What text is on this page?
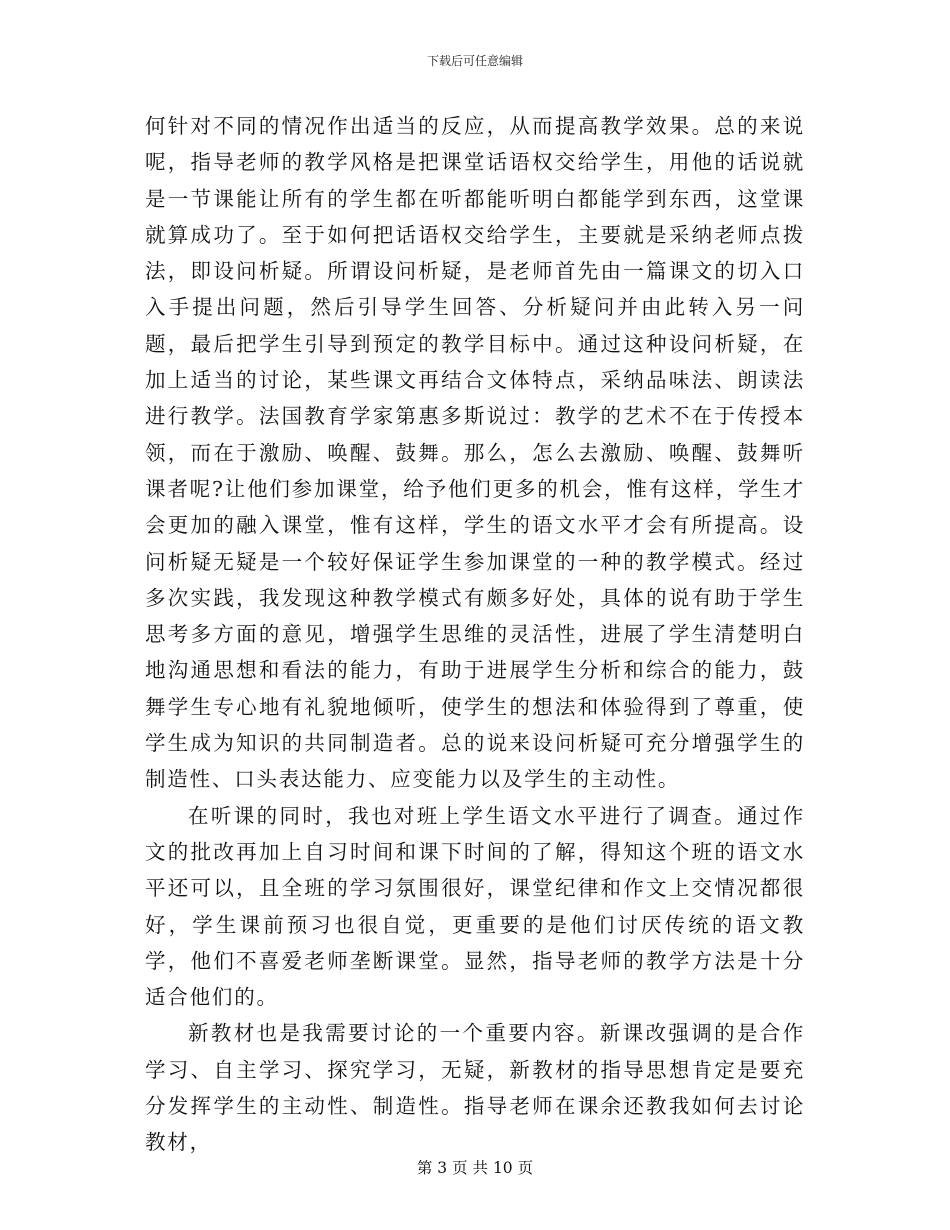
下载后可任意编辑

何针对不同的情况作出适当的反应，从而提高教学效果。总的来说呢，指导老师的教学风格是把课堂话语权交给学生，用他的话说就是一节课能让所有的学生都在听都能听明白都能学到东西，这堂课就算成功了。至于如何把话语权交给学生，主要就是采纳老师点拨法，即设问析疑。所谓设问析疑，是老师首先由一篇课文的切入口入手提出问题，然后引导学生回答、分析疑问并由此转入另一问题，最后把学生引导到预定的教学目标中。通过这种设问析疑，在加上适当的讨论，某些课文再结合文体特点，采纳品味法、朗读法进行教学。法国教育学家第惠多斯说过：教学的艺术不在于传授本领，而在于激励、唤醒、鼓舞。那么，怎么去激励、唤醒、鼓舞听课者呢?让他们参加课堂，给予他们更多的机会，惟有这样，学生才会更加的融入课堂，惟有这样，学生的语文水平才会有所提高。设问析疑无疑是一个较好保证学生参加课堂的一种的教学模式。经过多次实践，我发现这种教学模式有颇多好处，具体的说有助于学生思考多方面的意见，增强学生思维的灵活性，进展了学生清楚明白地沟通思想和看法的能力，有助于进展学生分析和综合的能力，鼓舞学生专心地有礼貌地倾听，使学生的想法和体验得到了尊重，使学生成为知识的共同制造者。总的说来设问析疑可充分增强学生的制造性、口头表达能力、应变能力以及学生的主动性。

在听课的同时，我也对班上学生语文水平进行了调查。通过作文的批改再加上自习时间和课下时间的了解，得知这个班的语文水平还可以，且全班的学习氛围很好，课堂纪律和作文上交情况都很好，学生课前预习也很自觉，更重要的是他们讨厌传统的语文教学，他们不喜爱老师垄断课堂。显然，指导老师的教学方法是十分适合他们的。

新教材也是我需要讨论的一个重要内容。新课改强调的是合作学习、自主学习、探究学习，无疑，新教材的指导思想肯定是要充分发挥学生的主动性、制造性。指导老师在课余还教我如何去讨论教材，

第 3 页 共 10 页
